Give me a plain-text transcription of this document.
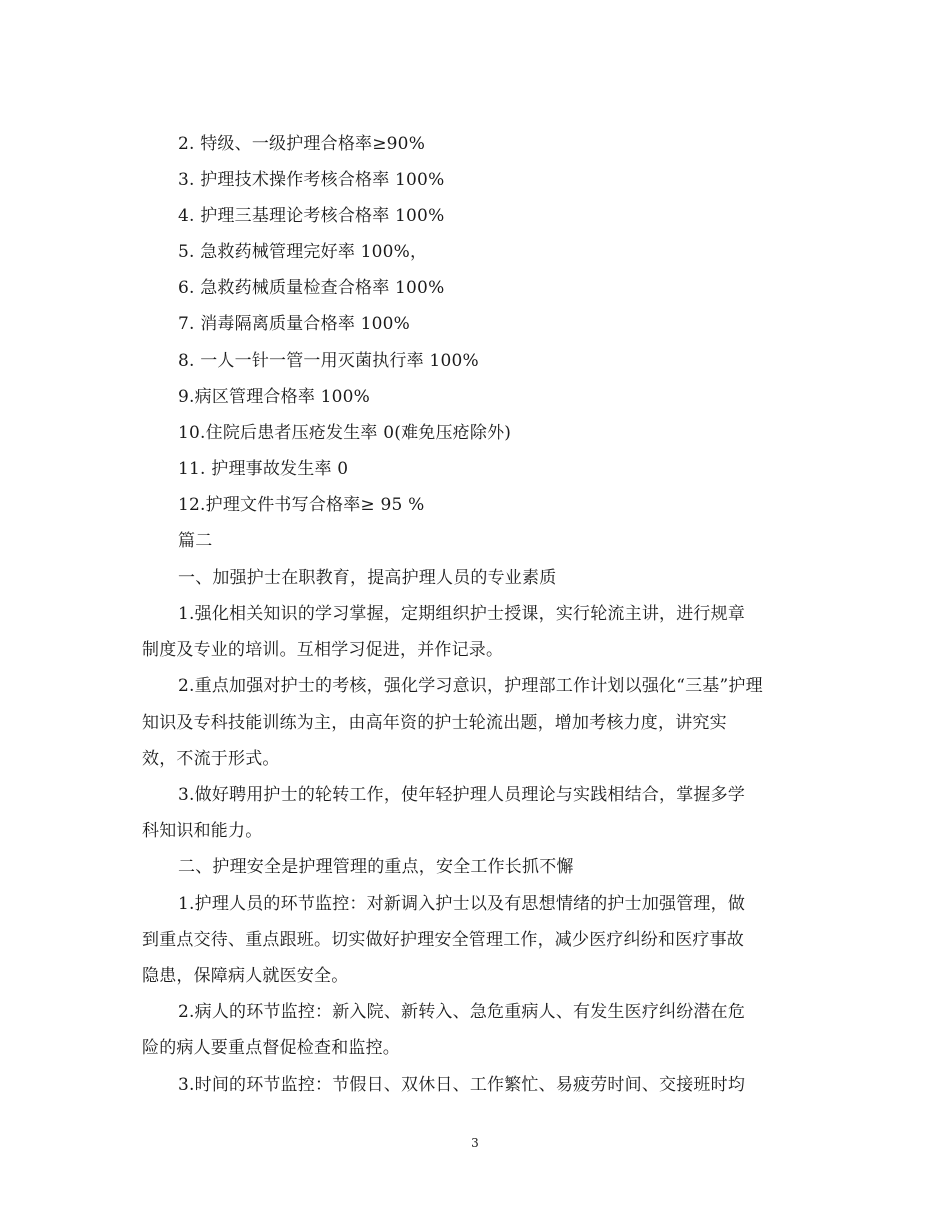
2. 特级、一级护理合格率≥90%
3. 护理技术操作考核合格率 100%
4. 护理三基理论考核合格率 100%
5. 急救药械管理完好率 100%，
6. 急救药械质量检查合格率 100%
7. 消毒隔离质量合格率 100%
8. 一人一针一管一用灭菌执行率 100%
9.病区管理合格率 100%
10.住院后患者压疮发生率 0(难免压疮除外)
11. 护理事故发生率 0
12.护理文件书写合格率≥ 95 %
篇二
一、加强护士在职教育，提高护理人员的专业素质
1.强化相关知识的学习掌握，定期组织护士授课，实行轮流主讲，进行规章
制度及专业的培训。互相学习促进，并作记录。
2.重点加强对护士的考核，强化学习意识，护理部工作计划以强化“三基”护理
知识及专科技能训练为主，由高年资的护士轮流出题，增加考核力度，讲究实
效，不流于形式。
3.做好聘用护士的轮转工作，使年轻护理人员理论与实践相结合，掌握多学
科知识和能力。
二、护理安全是护理管理的重点，安全工作长抓不懈
1.护理人员的环节监控：对新调入护士以及有思想情绪的护士加强管理，做
到重点交待、重点跟班。切实做好护理安全管理工作，减少医疗纠纷和医疗事故
隐患，保障病人就医安全。
2.病人的环节监控：新入院、新转入、急危重病人、有发生医疗纠纷潜在危
险的病人要重点督促检查和监控。
3.时间的环节监控：节假日、双休日、工作繁忙、易疲劳时间、交接班时均
3
